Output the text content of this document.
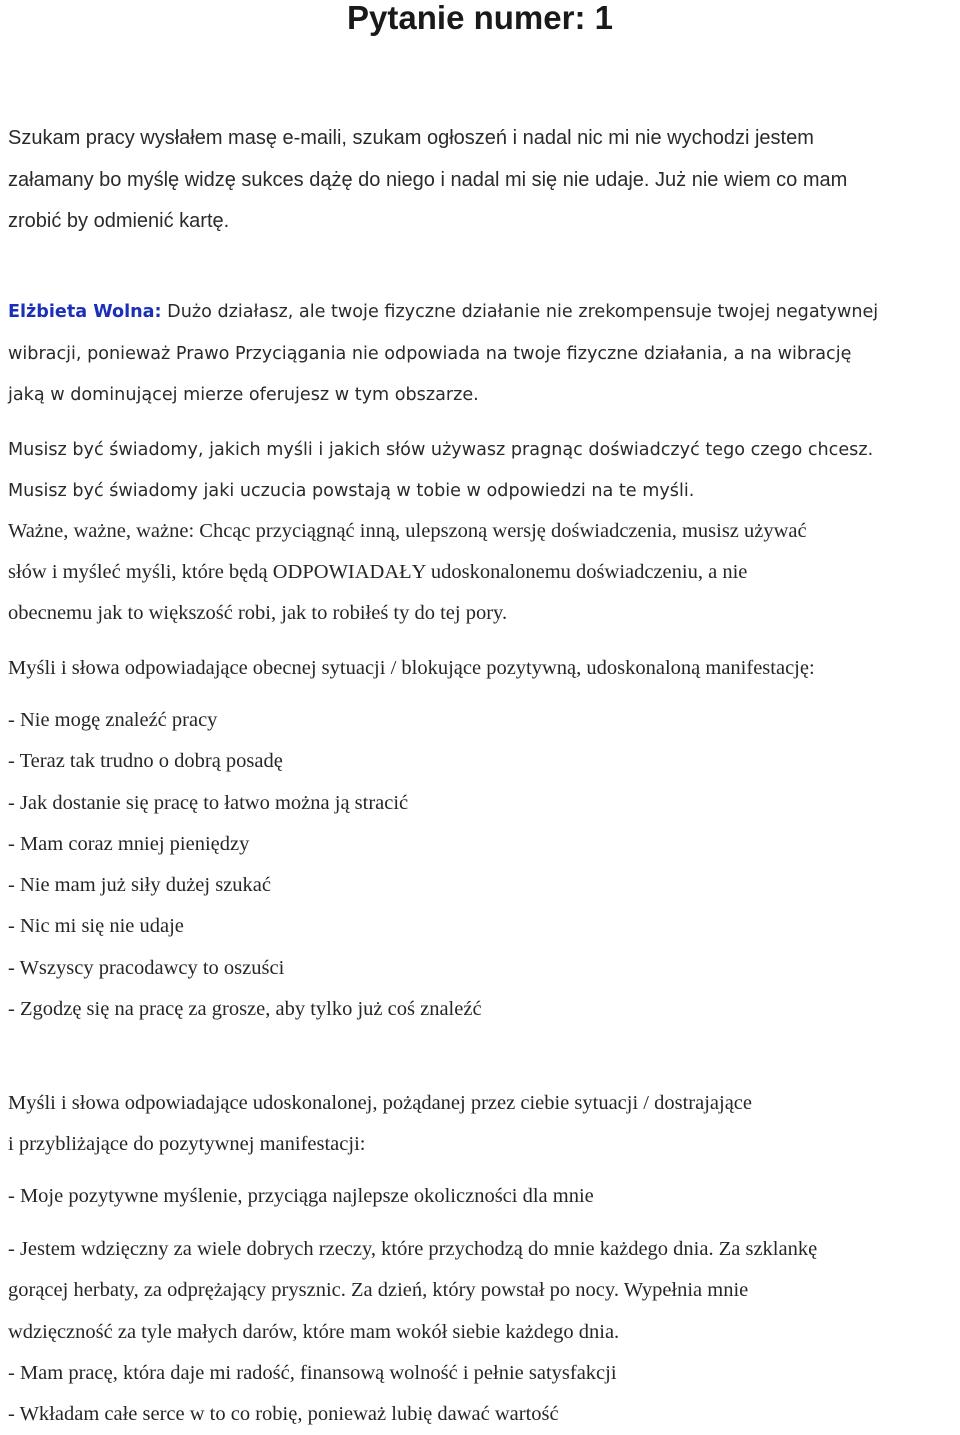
Pytanie numer: 1
Szukam pracy wysłałem masę e-maili, szukam ogłoszeń i nadal nic mi nie wychodzi jestem
załamany bo myślę widzę sukces dążę do niego i nadal mi się nie udaje. Już nie wiem co mam
zrobić by odmienić kartę.
Elżbieta Wolna: Dużo działasz, ale twoje fizyczne działanie nie zrekompensuje twojej negatywnej
wibracji, ponieważ Prawo Przyciągania nie odpowiada na twoje fizyczne działania, a na wibrację
jaką w dominującej mierze oferujesz w tym obszarze.
Musisz być świadomy, jakich myśli i jakich słów używasz pragnąc doświadczyć tego czego chcesz.
Musisz być świadomy jaki uczucia powstają w tobie w odpowiedzi na te myśli.
Ważne, ważne, ważne: Chcąc przyciągnąć inną, ulepszoną wersję doświadczenia, musisz używać
słów i myśleć myśli, które będą ODPOWIADAŁY udoskonalonemu doświadczeniu, a nie
obecnemu jak to większość robi, jak to robiłeś ty do tej pory.
Myśli i słowa odpowiadające obecnej sytuacji / blokujące pozytywną, udoskonaloną manifestację:
- Nie mogę znaleźć pracy
- Teraz tak trudno o dobrą posadę
- Jak dostanie się pracę to łatwo można ją stracić
- Mam coraz mniej pieniędzy
- Nie mam już siły dużej szukać
- Nic mi się nie udaje
- Wszyscy pracodawcy to oszuści
- Zgodzę się na pracę za grosze, aby tylko już coś znaleźć
Myśli i słowa odpowiadające udoskonalonej, pożądanej przez ciebie sytuacji / dostrajające
i przybliżające do pozytywnej manifestacji:
- Moje pozytywne myślenie, przyciąga najlepsze okoliczności dla mnie
- Jestem wdzięczny za wiele dobrych rzeczy, które przychodzą do mnie każdego dnia. Za szklankę
gorącej herbaty, za odprężający prysznic. Za dzień, który powstał po nocy. Wypełnia mnie
wdzięczność za tyle małych darów, które mam wokół siebie każdego dnia.
- Mam pracę, która daje mi radość, finansową wolność i pełnie satysfakcji
- Wkładam całe serce w to co robię, ponieważ lubię dawać wartość
